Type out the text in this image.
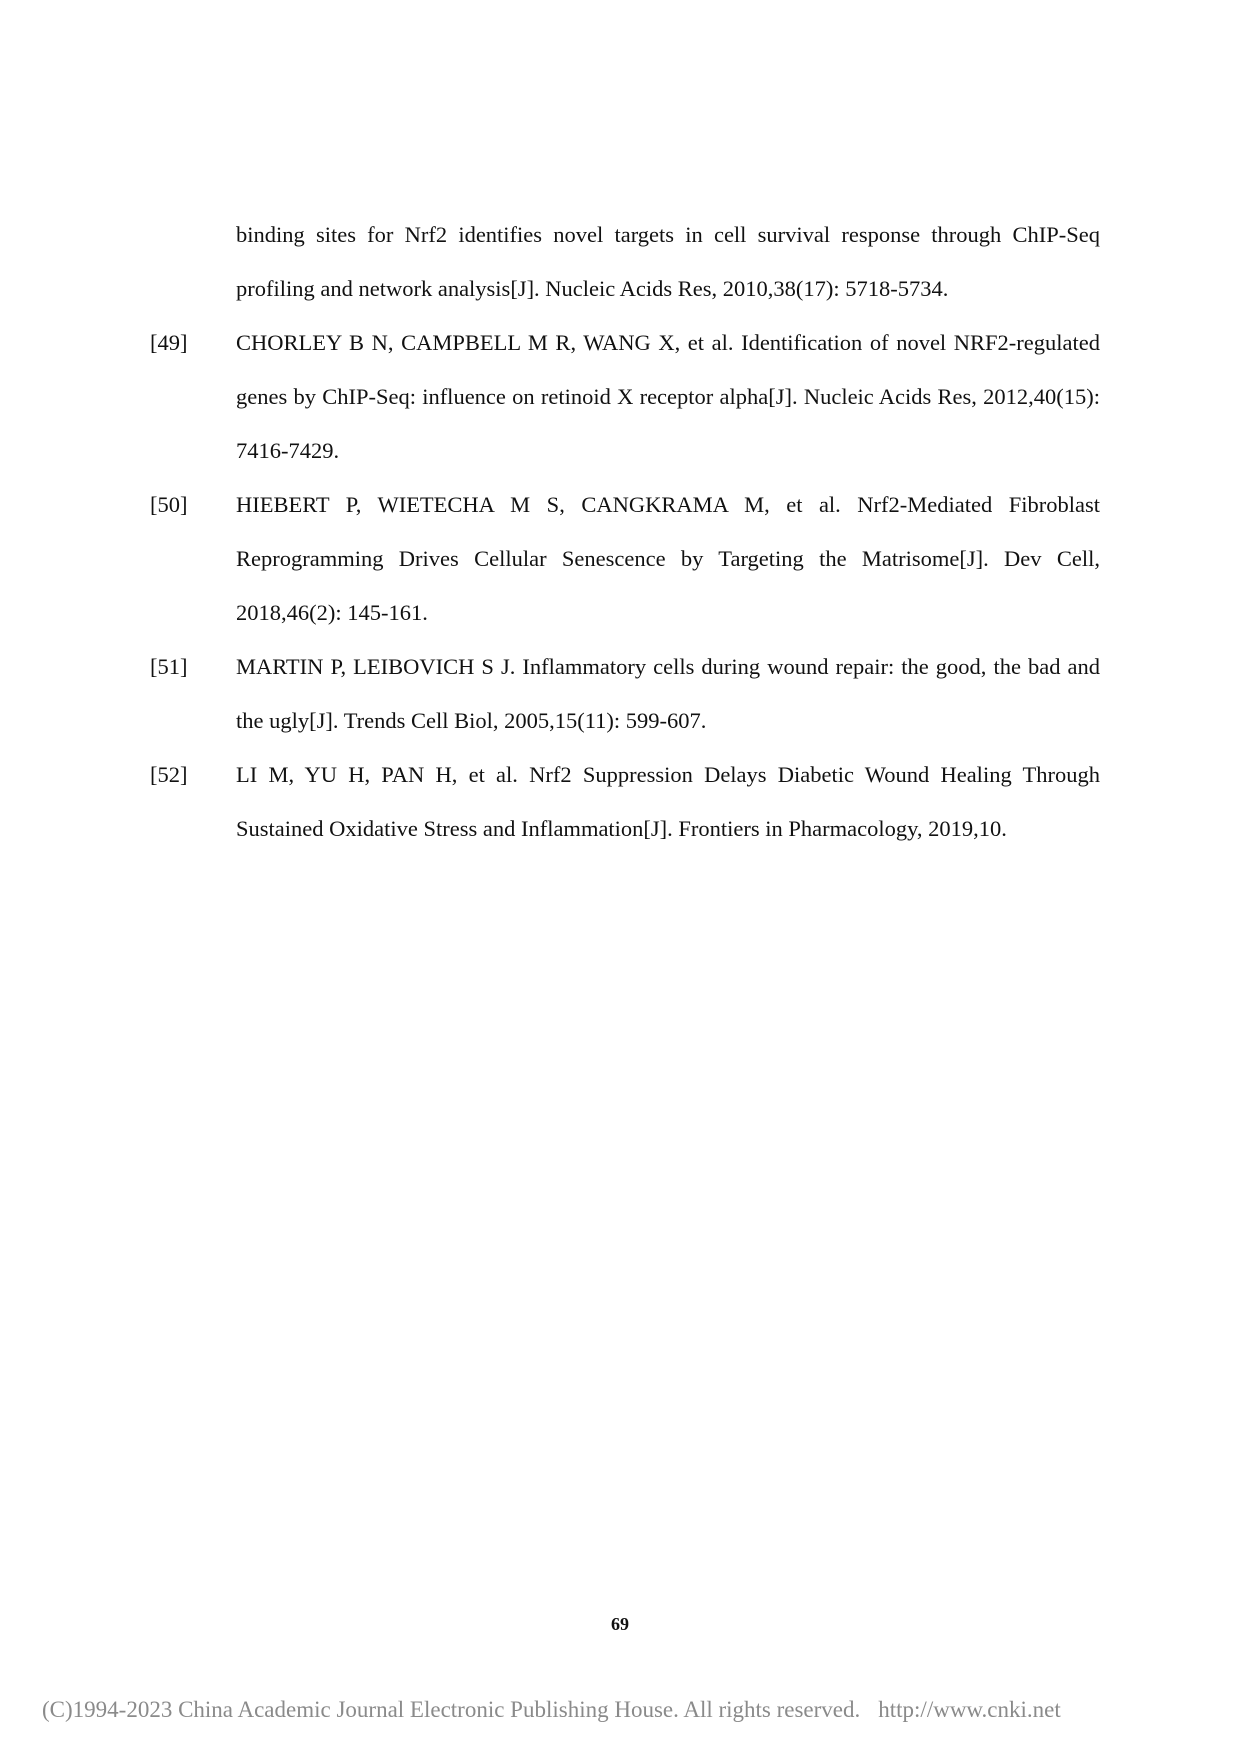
binding sites for Nrf2 identifies novel targets in cell survival response through ChIP-Seq profiling and network analysis[J]. Nucleic Acids Res, 2010,38(17): 5718-5734.
[49]	CHORLEY B N, CAMPBELL M R, WANG X, et al. Identification of novel NRF2-regulated genes by ChIP-Seq: influence on retinoid X receptor alpha[J]. Nucleic Acids Res, 2012,40(15): 7416-7429.
[50]	HIEBERT P, WIETECHA M S, CANGKRAMA M, et al. Nrf2-Mediated Fibroblast Reprogramming Drives Cellular Senescence by Targeting the Matrisome[J]. Dev Cell, 2018,46(2): 145-161.
[51]	MARTIN P, LEIBOVICH S J. Inflammatory cells during wound repair: the good, the bad and the ugly[J]. Trends Cell Biol, 2005,15(11): 599-607.
[52]	LI M, YU H, PAN H, et al. Nrf2 Suppression Delays Diabetic Wound Healing Through Sustained Oxidative Stress and Inflammation[J]. Frontiers in Pharmacology, 2019,10.
69
(C)1994-2023 China Academic Journal Electronic Publishing House. All rights reserved. http://www.cnki.net
